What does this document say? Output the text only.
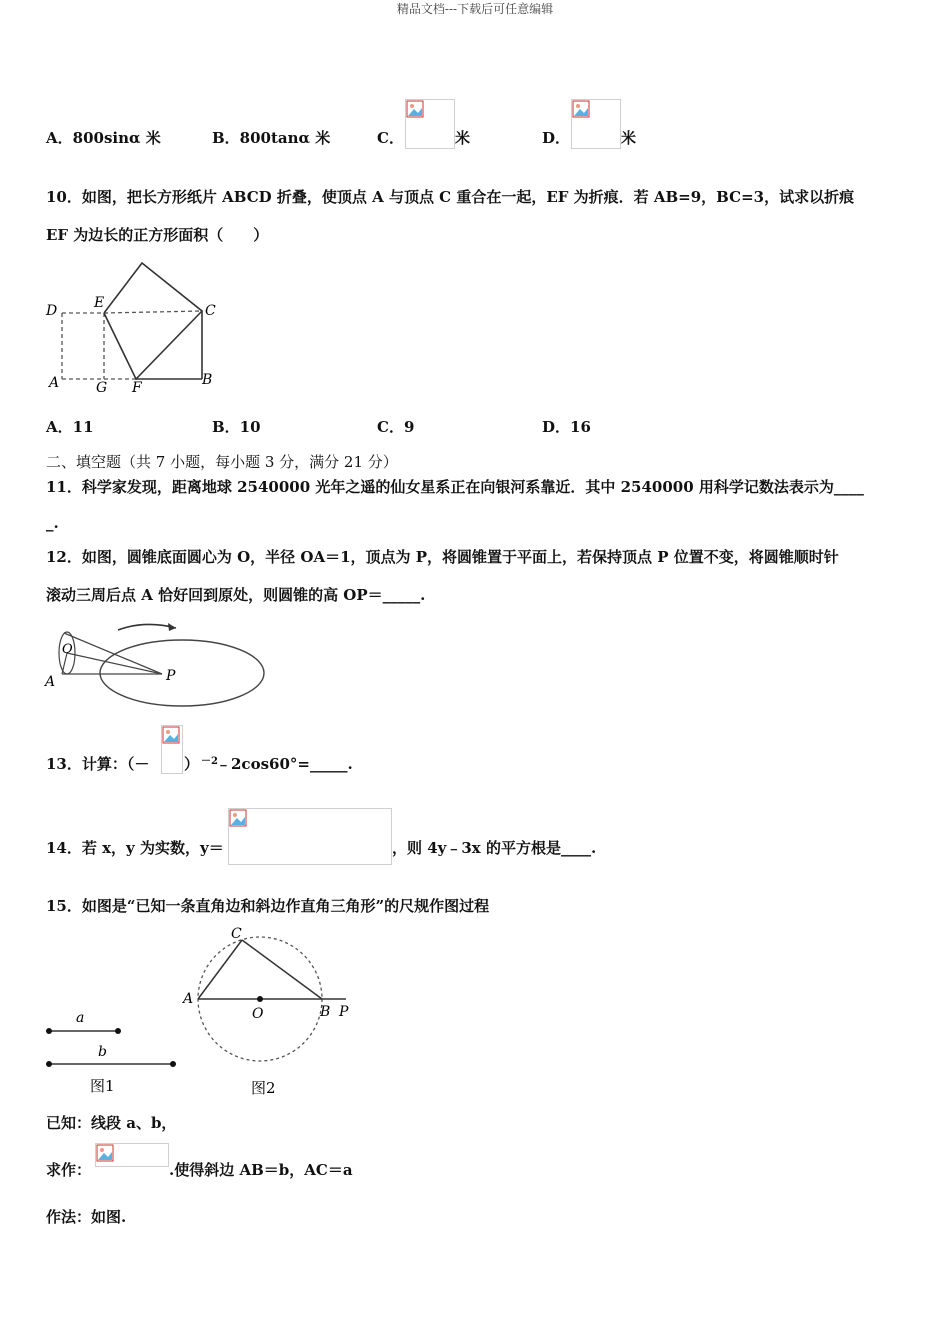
精品文档---下载后可任意编辑
A．800sinα 米	B．800tanα 米	C．	米	D．	米
10．如图，把长方形纸片 ABCD 折叠，使顶点 A 与顶点 C 重合在一起，EF 为折痕．若 AB=9，BC=3，试求以折痕
EF 为边长的正方形面积（　　）
D	E	C
A	G F	B
A．11	B．10	C．9	D．16
二、填空题（共 7 小题，每小题 3 分，满分 21 分）
11．科学家发现，距离地球 2540000 光年之遥的仙女星系正在向银河系靠近．其中 2540000 用科学记数法表示为____
_.
12．如图，圆锥底面圆心为 O，半径 OA＝1，顶点为 P，将圆锥置于平面上，若保持顶点 P 位置不变，将圆锥顺时针
滚动三周后点 A 恰好回到原处，则圆锥的高 OP＝_____.
O
A	P
13．计算：（－ ） －2
﹣2cos60°=_____.
14．若 x，y 为实数，y＝	，则 4y﹣3x 的平方根是____.
15．如图是“已知一条直角边和斜边作直角三角形”的尺规作图过程
a
b
图1
C
A
O	B P
图2
已知：线段 a、b，
求作：	.使得斜边 AB＝b，AC＝a
作法：如图.
